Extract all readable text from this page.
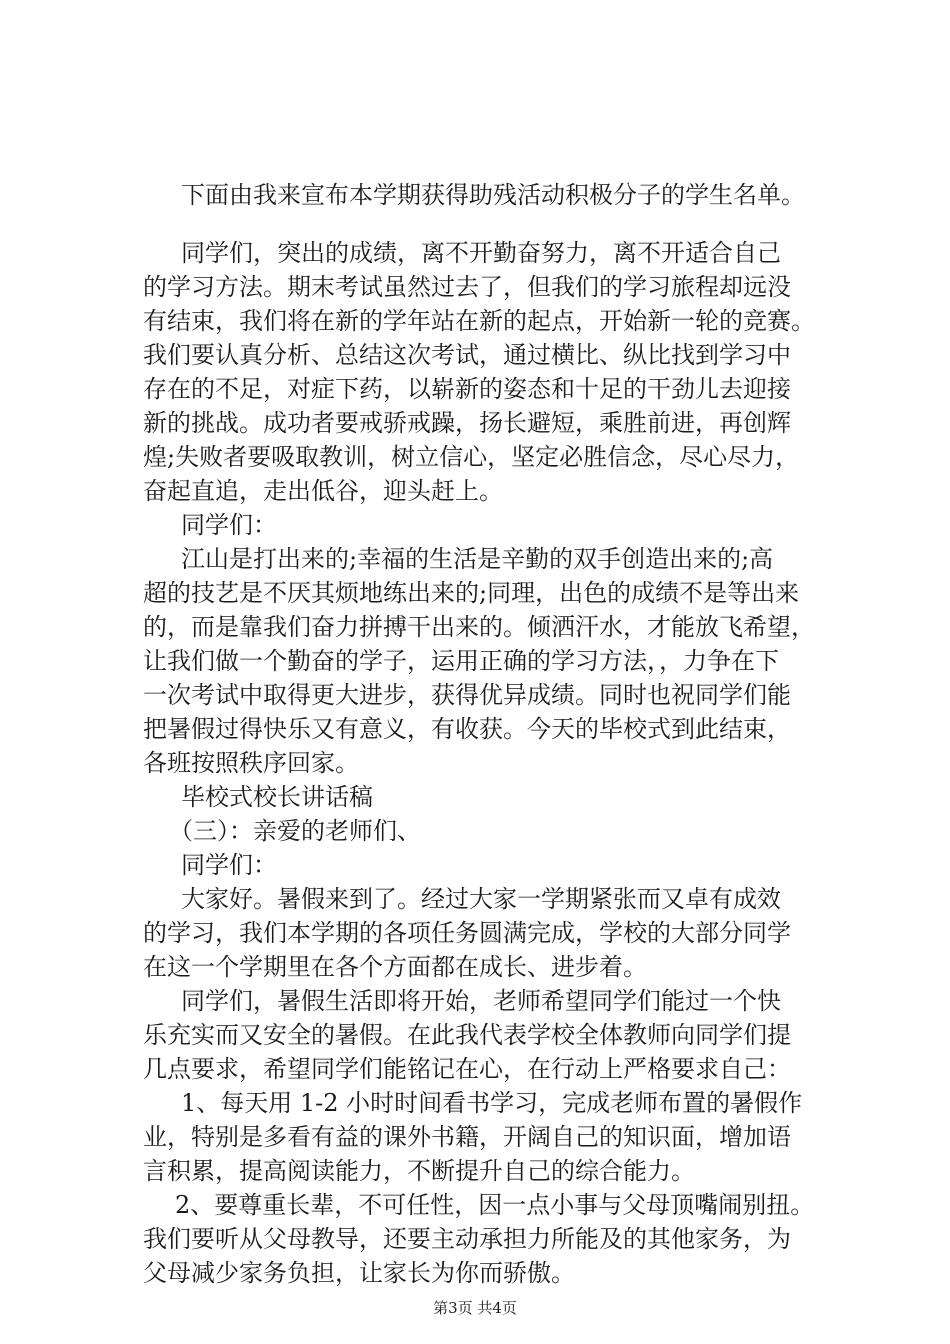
下面由我来宣布本学期获得助残活动积极分子的学生名单。
同学们，突出的成绩，离不开勤奋努力，离不开适合自己
的学习方法。期末考试虽然过去了，但我们的学习旅程却远没
有结束，我们将在新的学年站在新的起点，开始新一轮的竞赛。
我们要认真分析、总结这次考试，通过横比、纵比找到学习中
存在的不足，对症下药，以崭新的姿态和十足的干劲儿去迎接
新的挑战。成功者要戒骄戒躁，扬长避短，乘胜前进，再创辉
煌;失败者要吸取教训，树立信心，坚定必胜信念，尽心尽力，
奋起直追，走出低谷，迎头赶上。
同学们：
江山是打出来的;幸福的生活是辛勤的双手创造出来的;高
超的技艺是不厌其烦地练出来的;同理，出色的成绩不是等出来
的，而是靠我们奋力拼搏干出来的。倾洒汗水，才能放飞希望，
让我们做一个勤奋的学子，运用正确的学习方法，，力争在下
一次考试中取得更大进步，获得优异成绩。同时也祝同学们能
把暑假过得快乐又有意义，有收获。今天的毕校式到此结束，
各班按照秩序回家。
毕校式校长讲话稿
（三）：亲爱的老师们、
同学们：
大家好。暑假来到了。经过大家一学期紧张而又卓有成效
的学习，我们本学期的各项任务圆满完成，学校的大部分同学
在这一个学期里在各个方面都在成长、进步着。
同学们，暑假生活即将开始，老师希望同学们能过一个快
乐充实而又安全的暑假。在此我代表学校全体教师向同学们提
几点要求，希望同学们能铭记在心，在行动上严格要求自己：
1、每天用 1-2 小时时间看书学习，完成老师布置的暑假作
业，特别是多看有益的课外书籍，开阔自己的知识面，增加语
言积累，提高阅读能力，不断提升自己的综合能力。
2、要尊重长辈，不可任性，因一点小事与父母顶嘴闹别扭。
我们要听从父母教导，还要主动承担力所能及的其他家务，为
父母减少家务负担，让家长为你而骄傲。
第3页 共4页
